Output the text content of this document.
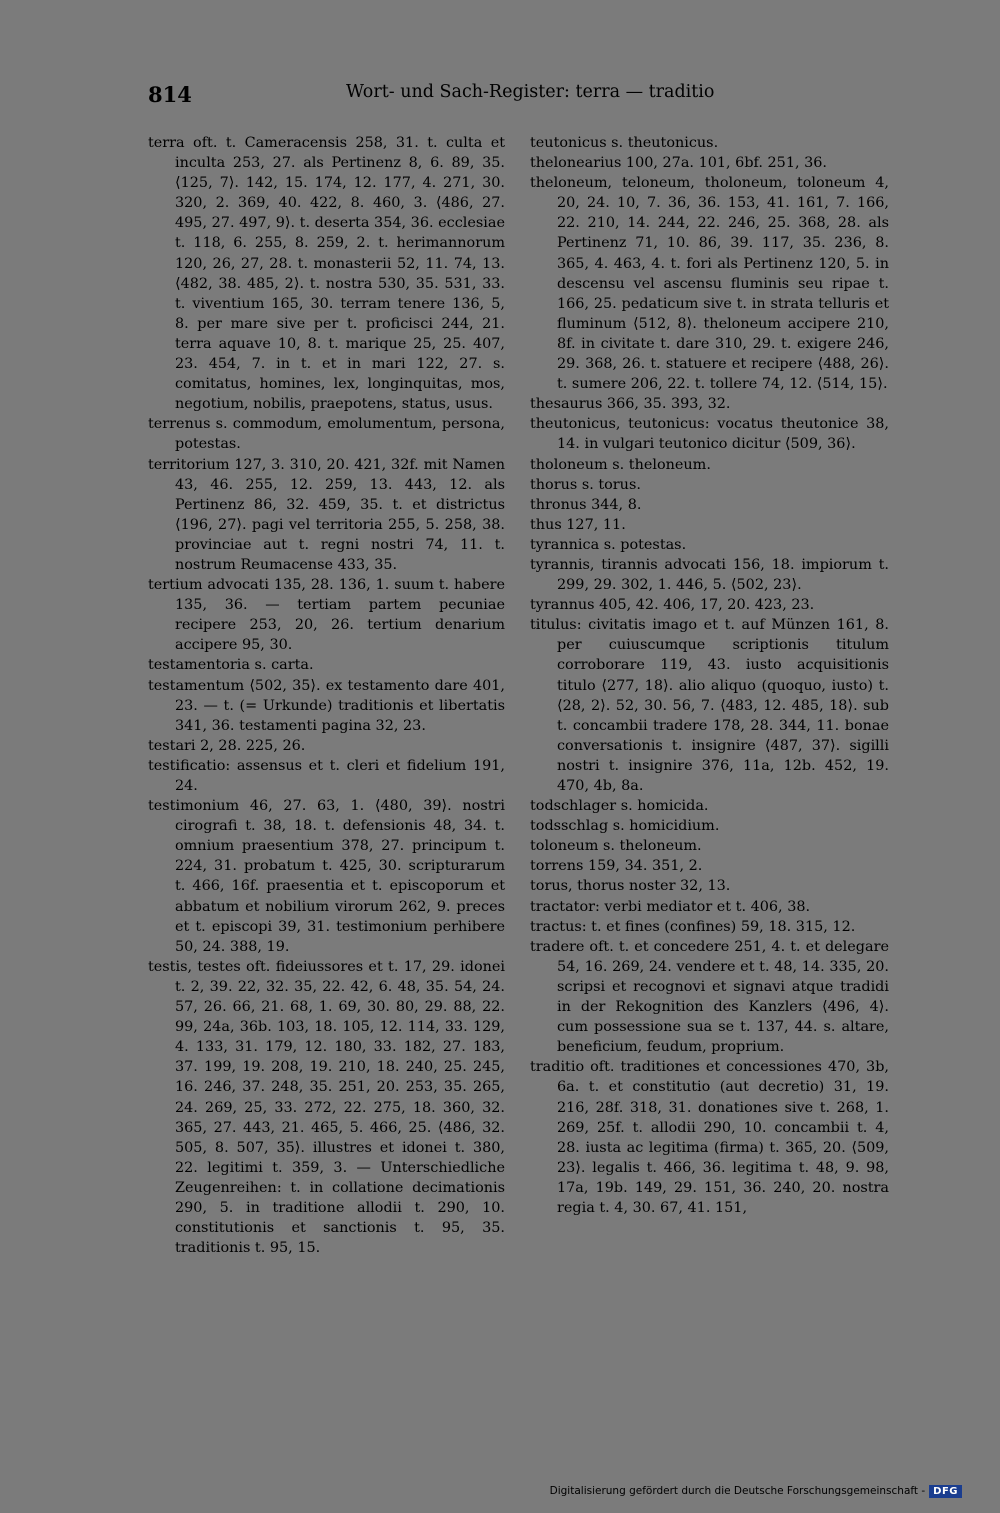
814	Wort- und Sach-Register: terra — traditio

terra oft. t. Cameracensis 258, 31. t. culta et inculta 253, 27. als Pertinenz 8, 6. 89, 35. ⟨125, 7⟩. 142, 15. 174, 12. 177, 4. 271, 30. 320, 2. 369, 40. 422, 8. 460, 3. ⟨486, 27. 495, 27. 497, 9⟩. t. deserta 354, 36. ecclesiae t. 118, 6. 255, 8. 259, 2. t. herimannorum 120, 26, 27, 28. t. monasterii 52, 11. 74, 13. ⟨482, 38. 485, 2⟩. t. nostra 530, 35. 531, 33. t. viventium 165, 30. terram tenere 136, 5, 8. per mare sive per t. proficisci 244, 21. terra aquave 10, 8. t. marique 25, 25. 407, 23. 454, 7. in t. et in mari 122, 27. s. comitatus, homines, lex, longinquitas, mos, negotium, nobilis, praepotens, status, usus.

terrenus s. commodum, emolumentum, persona, potestas.

territorium 127, 3. 310, 20. 421, 32f. mit Namen 43, 46. 255, 12. 259, 13. 443, 12. als Pertinenz 86, 32. 459, 35. t. et districtus ⟨196, 27⟩. pagi vel territoria 255, 5. 258, 38. provinciae aut t. regni nostri 74, 11. t. nostrum Reumacense 433, 35.

tertium advocati 135, 28. 136, 1. suum t. habere 135, 36. — tertiam partem pecuniae recipere 253, 20, 26. tertium denarium accipere 95, 30.

testamentoria s. carta.

testamentum ⟨502, 35⟩. ex testamento dare 401, 23. — t. (= Urkunde) traditionis et libertatis 341, 36. testamenti pagina 32, 23.

testari 2, 28. 225, 26.

testificatio: assensus et t. cleri et fidelium 191, 24.

testimonium 46, 27. 63, 1. ⟨480, 39⟩. nostri cirografi t. 38, 18. t. defensionis 48, 34. t. omnium praesentium 378, 27. principum t. 224, 31. probatum t. 425, 30. scripturarum t. 466, 16f. praesentia et t. episcoporum et abbatum et nobilium virorum 262, 9. preces et t. episcopi 39, 31. testimonium perhibere 50, 24. 388, 19.

testis, testes oft. fideiussores et t. 17, 29. idonei t. 2, 39. 22, 32. 35, 22. 42, 6. 48, 35. 54, 24. 57, 26. 66, 21. 68, 1. 69, 30. 80, 29. 88, 22. 99, 24a, 36b. 103, 18. 105, 12. 114, 33. 129, 4. 133, 31. 179, 12. 180, 33. 182, 27. 183, 37. 199, 19. 208, 19. 210, 18. 240, 25. 245, 16. 246, 37. 248, 35. 251, 20. 253, 35. 265, 24. 269, 25, 33. 272, 22. 275, 18. 360, 32. 365, 27. 443, 21. 465, 5. 466, 25. ⟨486, 32. 505, 8. 507, 35⟩. illustres et idonei t. 380, 22. legitimi t. 359, 3. — Unterschiedliche Zeugenreihen: t. in collatione decimationis 290, 5. in traditione allodii t. 290, 10. constitutionis et sanctionis t. 95, 35. traditionis t. 95, 15.

teutonicus s. theutonicus.

thelonearius 100, 27a. 101, 6bf. 251, 36.

theloneum, teloneum, tholoneum, toloneum 4, 20, 24. 10, 7. 36, 36. 153, 41. 161, 7. 166, 22. 210, 14. 244, 22. 246, 25. 368, 28. als Pertinenz 71, 10. 86, 39. 117, 35. 236, 8. 365, 4. 463, 4. t. fori als Pertinenz 120, 5. in descensu vel ascensu fluminis seu ripae t. 166, 25. pedaticum sive t. in strata telluris et fluminum ⟨512, 8⟩. theloneum accipere 210, 8f. in civitate t. dare 310, 29. t. exigere 246, 29. 368, 26. t. statuere et recipere ⟨488, 26⟩. t. sumere 206, 22. t. tollere 74, 12. ⟨514, 15⟩.

thesaurus 366, 35. 393, 32.

theutonicus, teutonicus: vocatus theutonice 38, 14. in vulgari teutonico dicitur ⟨509, 36⟩.

tholoneum s. theloneum.

thorus s. torus.

thronus 344, 8.

thus 127, 11.

tyrannica s. potestas.

tyrannis, tirannis advocati 156, 18. impiorum t. 299, 29. 302, 1. 446, 5. ⟨502, 23⟩.

tyrannus 405, 42. 406, 17, 20. 423, 23.

titulus: civitatis imago et t. auf Münzen 161, 8. per cuiuscumque scriptionis titulum corroborare 119, 43. iusto acquisitionis titulo ⟨277, 18⟩. alio aliquo (quoquo, iusto) t. ⟨28, 2⟩. 52, 30. 56, 7. ⟨483, 12. 485, 18⟩. sub t. concambii tradere 178, 28. 344, 11. bonae conversationis t. insignire ⟨487, 37⟩. sigilli nostri t. insignire 376, 11a, 12b. 452, 19. 470, 4b, 8a.

todschlager s. homicida.

todsschlag s. homicidium.

toloneum s. theloneum.

torrens 159, 34. 351, 2.

torus, thorus noster 32, 13.

tractator: verbi mediator et t. 406, 38.

tractus: t. et fines (confines) 59, 18. 315, 12.

tradere oft. t. et concedere 251, 4. t. et delegare 54, 16. 269, 24. vendere et t. 48, 14. 335, 20. scripsi et recognovi et signavi atque tradidi in der Rekognition des Kanzlers ⟨496, 4⟩. cum possessione sua se t. 137, 44. s. altare, beneficium, feudum, proprium.

traditio oft. traditiones et concessiones 470, 3b, 6a. t. et constitutio (aut decretio) 31, 19. 216, 28f. 318, 31. donationes sive t. 268, 1. 269, 25f. t. allodii 290, 10. concambii t. 4, 28. iusta ac legitima (firma) t. 365, 20. ⟨509, 23⟩. legalis t. 466, 36. legitima t. 48, 9. 98, 17a, 19b. 149, 29. 151, 36. 240, 20. nostra regia t. 4, 30. 67, 41. 151,

Digitalisierung gefördert durch die Deutsche Forschungsgemeinschaft - DFG
